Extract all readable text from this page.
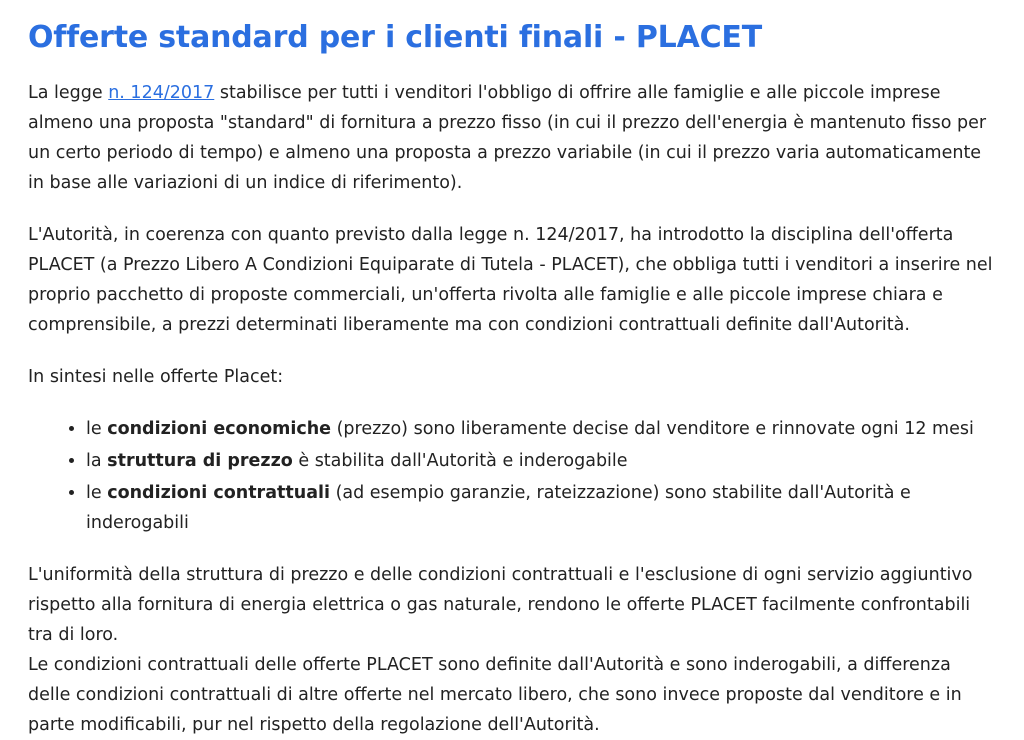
Offerte standard per i clienti finali - PLACET

La legge n. 124/2017 stabilisce per tutti i venditori l'obbligo di offrire alle famiglie e alle piccole imprese almeno una proposta "standard" di fornitura a prezzo fisso (in cui il prezzo dell'energia è mantenuto fisso per un certo periodo di tempo) e almeno una proposta a prezzo variabile (in cui il prezzo varia automaticamente in base alle variazioni di un indice di riferimento).

L'Autorità, in coerenza con quanto previsto dalla legge n. 124/2017, ha introdotto la disciplina dell'offerta PLACET (a Prezzo Libero A Condizioni Equiparate di Tutela - PLACET), che obbliga tutti i venditori a inserire nel proprio pacchetto di proposte commerciali, un'offerta rivolta alle famiglie e alle piccole imprese chiara e comprensibile, a prezzi determinati liberamente ma con condizioni contrattuali definite dall'Autorità.

In sintesi nelle offerte Placet:

• le condizioni economiche (prezzo) sono liberamente decise dal venditore e rinnovate ogni 12 mesi
• la struttura di prezzo è stabilita dall'Autorità e inderogabile
• le condizioni contrattuali (ad esempio garanzie, rateizzazione) sono stabilite dall'Autorità e inderogabili

L'uniformità della struttura di prezzo e delle condizioni contrattuali e l'esclusione di ogni servizio aggiuntivo rispetto alla fornitura di energia elettrica o gas naturale, rendono le offerte PLACET facilmente confrontabili tra di loro.

Le condizioni contrattuali delle offerte PLACET sono definite dall'Autorità e sono inderogabili, a differenza delle condizioni contrattuali di altre offerte nel mercato libero, che sono invece proposte dal venditore e in parte modificabili, pur nel rispetto della regolazione dell'Autorità.
